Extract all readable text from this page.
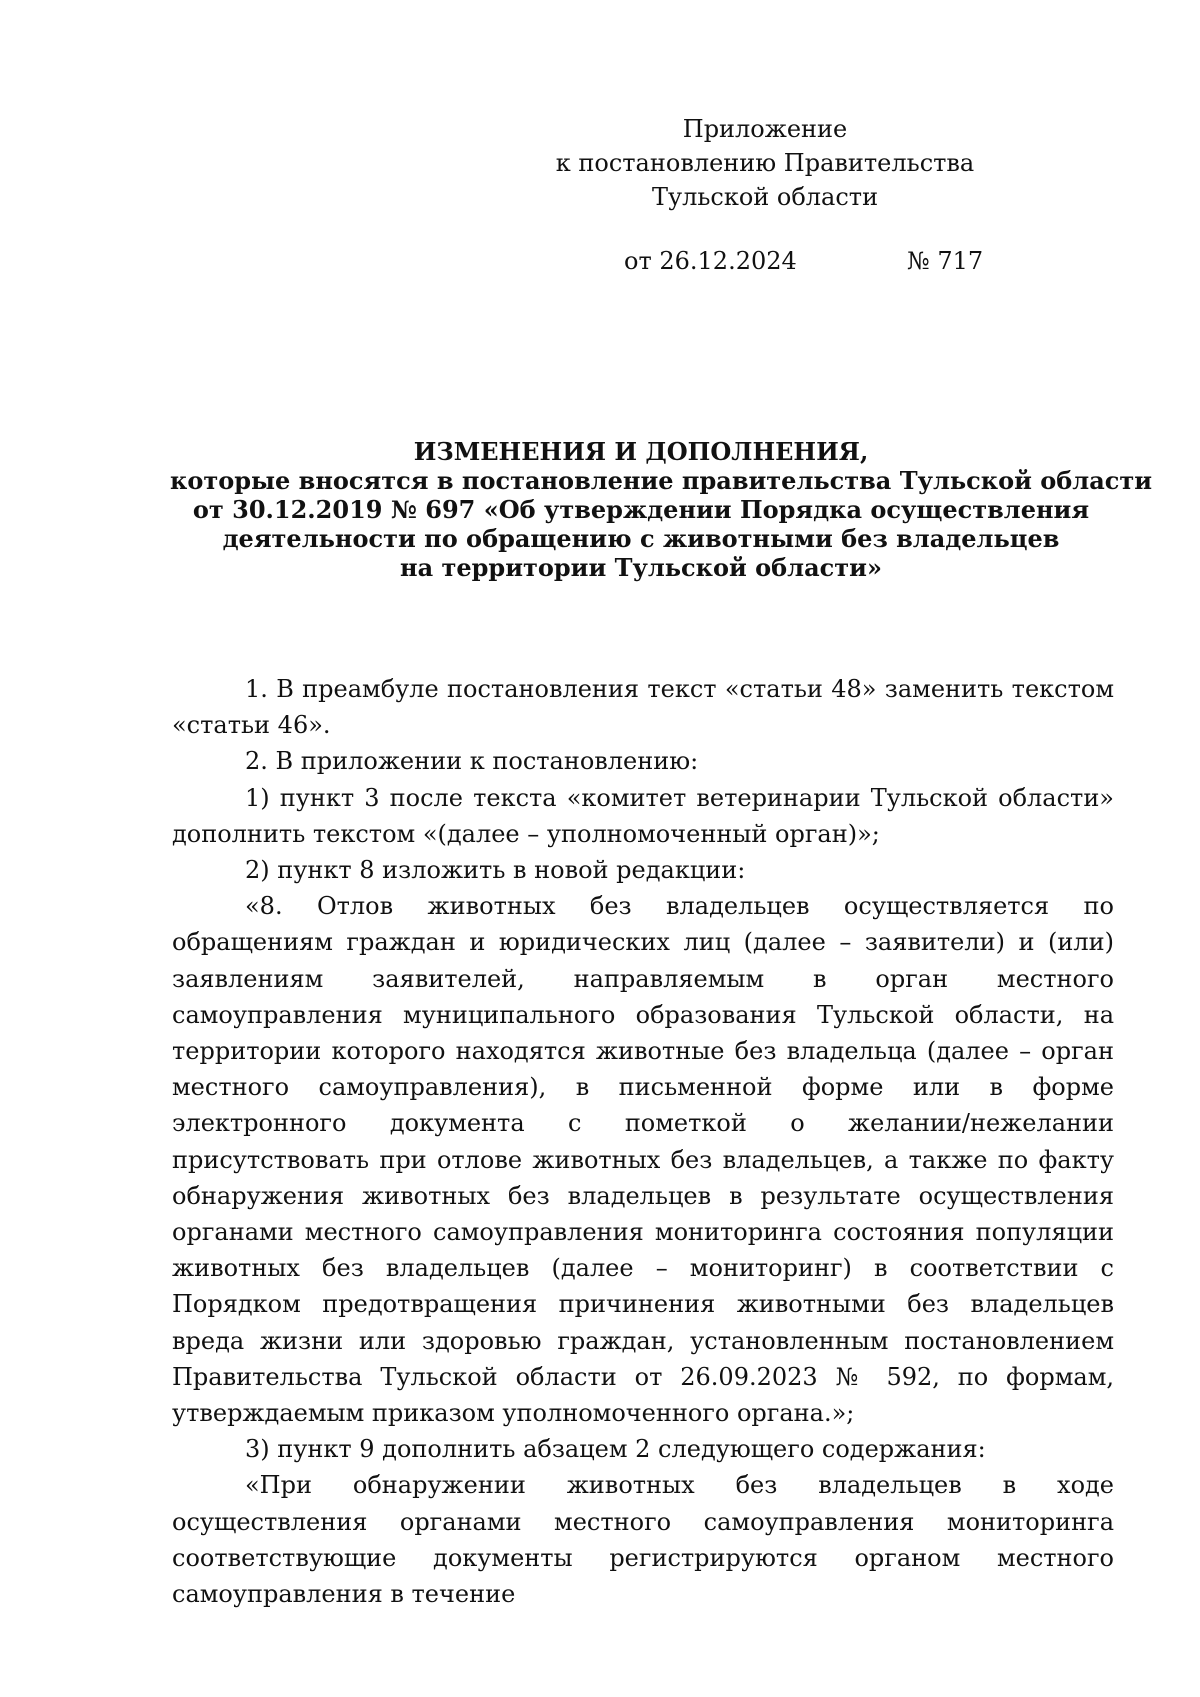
Приложение
к постановлению Правительства
Тульской области
от 26.12.2024	№ 717
ИЗМЕНЕНИЯ И ДОПОЛНЕНИЯ,
которые вносятся в постановление правительства Тульской области
от 30.12.2019 № 697 «Об утверждении Порядка осуществления
деятельности по обращению с животными без владельцев
на территории Тульской области»

1. В преамбуле постановления текст «статьи 48» заменить текстом «статьи 46».

2. В приложении к постановлению:

1) пункт 3 после текста «комитет ветеринарии Тульской области» дополнить текстом «(далее – уполномоченный орган)»;

2) пункт 8 изложить в новой редакции:

«8. Отлов животных без владельцев осуществляется по обращениям граждан и юридических лиц (далее – заявители) и (или) заявлениям заявителей, направляемым в орган местного самоуправления муниципального образования Тульской области, на территории которого находятся животные без владельца (далее – орган местного самоуправления), в письменной форме или в форме электронного документа с пометкой о желании/нежелании присутствовать при отлове животных без владельцев, а также по факту обнаружения животных без владельцев в результате осуществления органами местного самоуправления мониторинга состояния популяции животных без владельцев (далее – мониторинг) в соответствии с Порядком предотвращения причинения животными без владельцев вреда жизни или здоровью граждан, установленным постановлением Правительства Тульской области от 26.09.2023 № 592, по формам, утверждаемым приказом уполномоченного органа.»;

3) пункт 9 дополнить абзацем 2 следующего содержания:

«При обнаружении животных без владельцев в ходе осуществления органами местного самоуправления мониторинга соответствующие документы регистрируются органом местного самоуправления в течение
